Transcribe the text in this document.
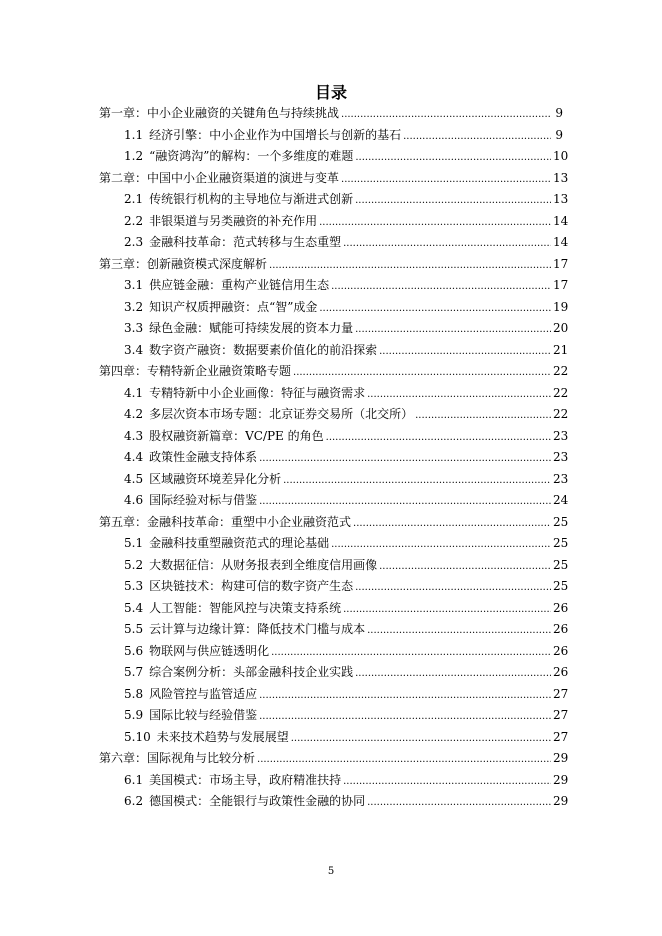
目录
第一章：中小企业融资的关键角色与持续挑战 .....	9
1.1 经济引擎：中小企业作为中国增长与创新的基石 .....	9
1.2 “融资鸿沟”的解构：一个多维度的难题 .....	10
第二章：中国中小企业融资渠道的演进与变革 .....	13
2.1 传统银行机构的主导地位与渐进式创新 .....	13
2.2 非银渠道与另类融资的补充作用 .....	14
2.3 金融科技革命：范式转移与生态重塑 .....	14
第三章：创新融资模式深度解析 .....	17
3.1 供应链金融：重构产业链信用生态 .....	17
3.2 知识产权质押融资：点“智”成金 .....	19
3.3 绿色金融：赋能可持续发展的资本力量 .....	20
3.4 数字资产融资：数据要素价值化的前沿探索 .....	21
第四章：专精特新企业融资策略专题 .....	22
4.1 专精特新中小企业画像：特征与融资需求 .....	22
4.2 多层次资本市场专题：北京证券交易所（北交所） .....	22
4.3 股权融资新篇章：VC/PE 的角色 .....	23
4.4 政策性金融支持体系 .....	23
4.5 区域融资环境差异化分析 .....	23
4.6 国际经验对标与借鉴 .....	24
第五章：金融科技革命：重塑中小企业融资范式 .....	25
5.1 金融科技重塑融资范式的理论基础 .....	25
5.2 大数据征信：从财务报表到全维度信用画像 .....	25
5.3 区块链技术：构建可信的数字资产生态 .....	25
5.4 人工智能：智能风控与决策支持系统 .....	26
5.5 云计算与边缘计算：降低技术门槛与成本 .....	26
5.6 物联网与供应链透明化 .....	26
5.7 综合案例分析：头部金融科技企业实践 .....	26
5.8 风险管控与监管适应 .....	27
5.9 国际比较与经验借鉴 .....	27
5.10 未来技术趋势与发展展望 .....	27
第六章：国际视角与比较分析 .....	29
6.1 美国模式：市场主导，政府精准扶持 .....	29
6.2 德国模式：全能银行与政策性金融的协同 .....	29
5
